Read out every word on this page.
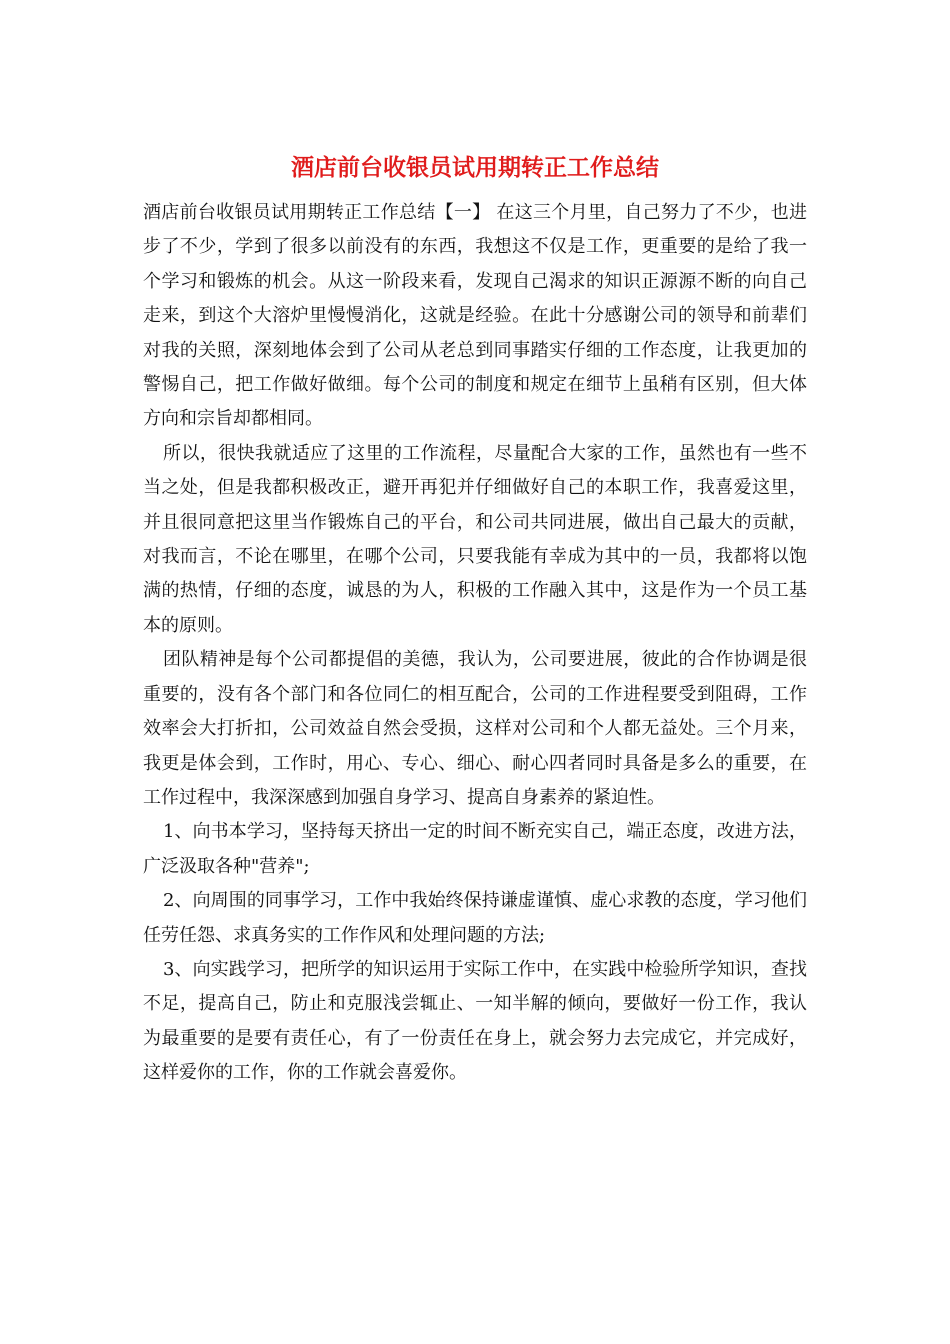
酒店前台收银员试用期转正工作总结

酒店前台收银员试用期转正工作总结【一】 在这三个月里，自己努力了不少，也进步了不少，学到了很多以前没有的东西，我想这不仅是工作，更重要的是给了我一个学习和锻炼的机会。从这一阶段来看，发现自己渴求的知识正源源不断的向自己走来，到这个大溶炉里慢慢消化，这就是经验。在此十分感谢公司的领导和前辈们对我的关照，深刻地体会到了公司从老总到同事踏实仔细的工作态度，让我更加的警惕自己，把工作做好做细。每个公司的制度和规定在细节上虽稍有区别，但大体方向和宗旨却都相同。

所以，很快我就适应了这里的工作流程，尽量配合大家的工作，虽然也有一些不当之处，但是我都积极改正，避开再犯并仔细做好自己的本职工作，我喜爱这里，并且很同意把这里当作锻炼自己的平台，和公司共同进展，做出自己最大的贡献，对我而言，不论在哪里，在哪个公司，只要我能有幸成为其中的一员，我都将以饱满的热情，仔细的态度，诚恳的为人，积极的工作融入其中，这是作为一个员工基本的原则。

团队精神是每个公司都提倡的美德，我认为，公司要进展，彼此的合作协调是很重要的，没有各个部门和各位同仁的相互配合，公司的工作进程要受到阻碍，工作效率会大打折扣，公司效益自然会受损，这样对公司和个人都无益处。三个月来，我更是体会到，工作时，用心、专心、细心、耐心四者同时具备是多么的重要，在工作过程中，我深深感到加强自身学习、提高自身素养的紧迫性。

1、向书本学习，坚持每天挤出一定的时间不断充实自己，端正态度，改进方法，广泛汲取各种"营养";

2、向周围的同事学习，工作中我始终保持谦虚谨慎、虚心求教的态度，学习他们任劳任怨、求真务实的工作作风和处理问题的方法;

3、向实践学习，把所学的知识运用于实际工作中，在实践中检验所学知识，查找不足，提高自己，防止和克服浅尝辄止、一知半解的倾向，要做好一份工作，我认为最重要的是要有责任心，有了一份责任在身上，就会努力去完成它，并完成好，这样爱你的工作，你的工作就会喜爱你。
